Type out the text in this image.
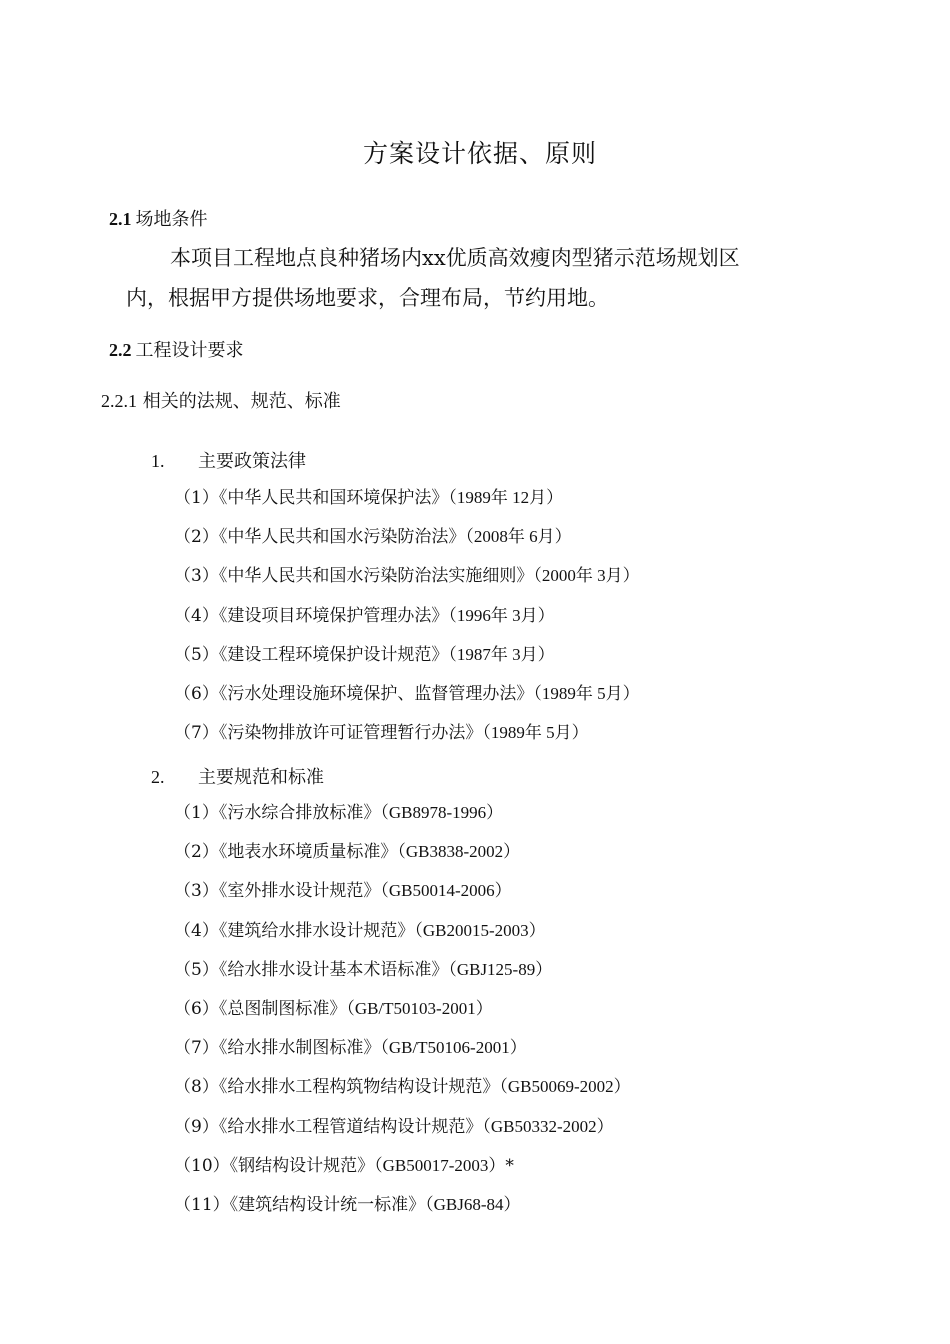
方案设计依据、原则
2.1 场地条件
本项目工程地点良种猪场内xx优质高效瘦肉型猪示范场规划区
内，根据甲方提供场地要求，合理布局，节约用地。
2.2 工程设计要求
2.2.1 相关的法规、规范、标准
1. 主要政策法律
（1）《中华人民共和国环境保护法》（1989年 12月）
（2）《中华人民共和国水污染防治法》（2008年 6月）
（3）《中华人民共和国水污染防治法实施细则》（2000年 3月）
（4）《建设项目环境保护管理办法》（1996年 3月）
（5）《建设工程环境保护设计规范》（1987年 3月）
（6）《污水处理设施环境保护、监督管理办法》（1989年 5月）
（7）《污染物排放许可证管理暂行办法》（1989年 5月）
2. 主要规范和标准
（1）《污水综合排放标准》（GB8978-1996）
（2）《地表水环境质量标准》（GB3838-2002）
（3）《室外排水设计规范》（GB50014-2006）
（4）《建筑给水排水设计规范》（GB20015-2003）
（5）《给水排水设计基本术语标准》（GBJ125-89）
（6）《总图制图标准》（GB/T50103-2001）
（7）《给水排水制图标准》（GB/T50106-2001）
（8）《给水排水工程构筑物结构设计规范》（GB50069-2002）
（9）《给水排水工程管道结构设计规范》（GB50332-2002）
（10）《钢结构设计规范》（GB50017-2003）*
（11）《建筑结构设计统一标准》（GBJ68-84）
